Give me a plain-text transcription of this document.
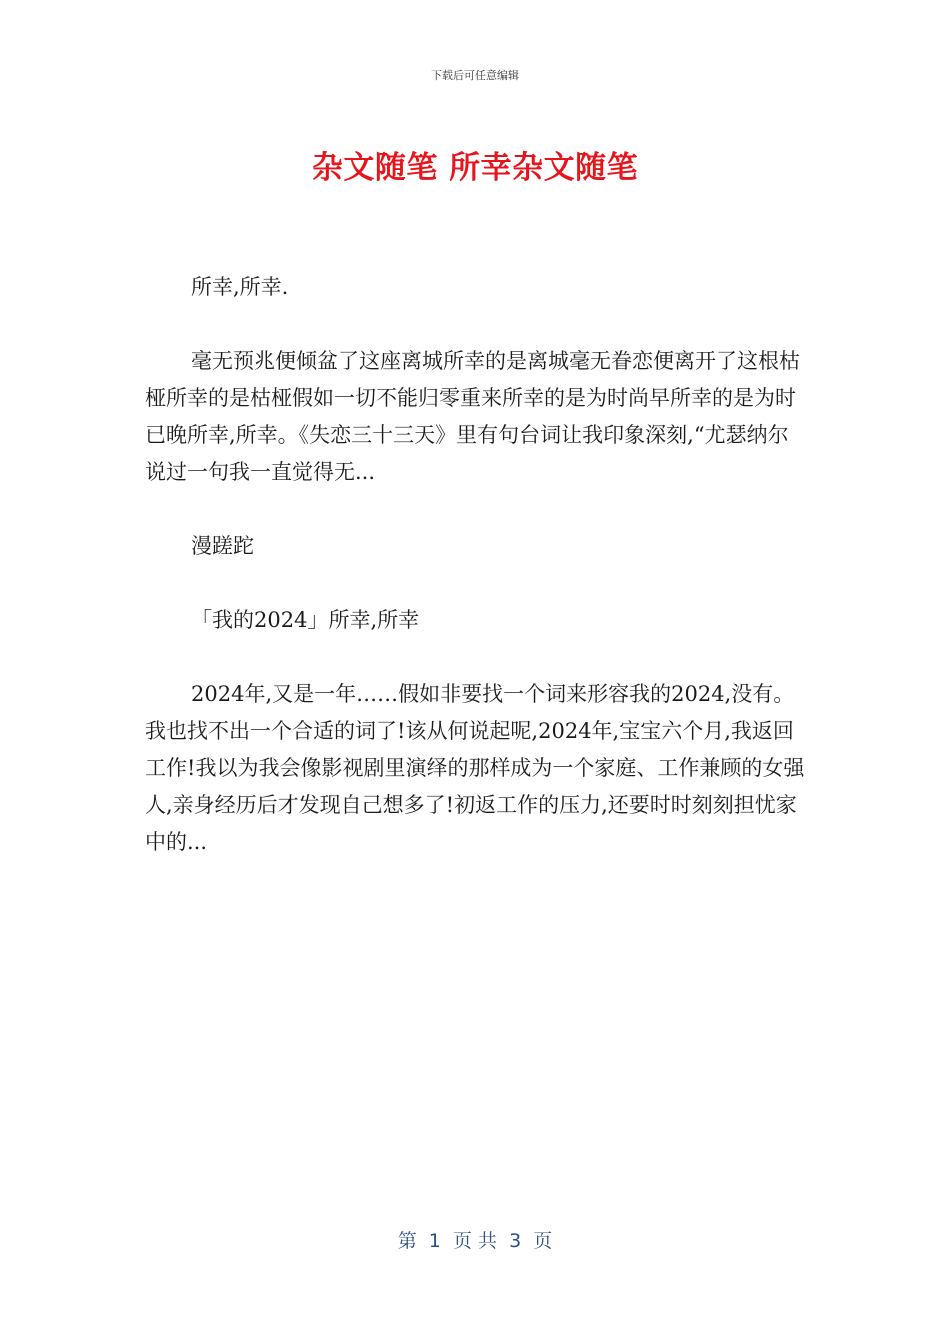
下载后可任意编辑
杂文随笔 所幸杂文随笔

所幸,所幸.

毫无预兆便倾盆了这座离城所幸的是离城毫无眷恋便离开了这根枯桠所幸的是枯桠假如一切不能归零重来所幸的是为时尚早所幸的是为时已晚所幸,所幸。《失恋三十三天》里有句台词让我印象深刻,“尤瑟纳尔说过一句我一直觉得无...

漫蹉跎

「我的2024」所幸,所幸

2024年,又是一年……假如非要找一个词来形容我的2024,没有。我也找不出一个合适的词了!该从何说起呢,2024年,宝宝六个月,我返回工作!我以为我会像影视剧里演绎的那样成为一个家庭、工作兼顾的女强人,亲身经历后才发现自己想多了!初返工作的压力,还要时时刻刻担忧家中的...

第  1  页 共  3  页
